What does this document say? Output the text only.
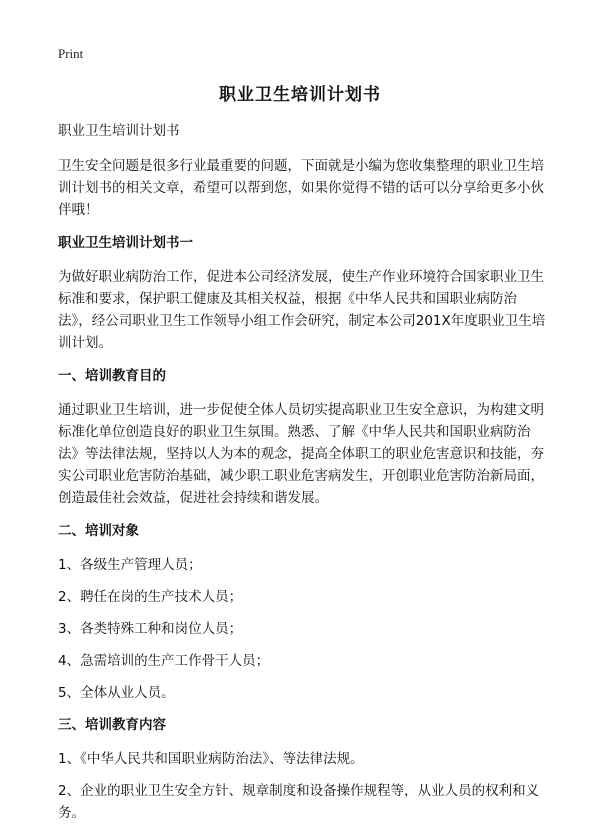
Print
职业卫生培训计划书

职业卫生培训计划书

卫生安全问题是很多行业最重要的问题，下面就是小编为您收集整理的职业卫生培训计划书的相关文章，希望可以帮到您，如果你觉得不错的话可以分享给更多小伙伴哦！

职业卫生培训计划书一

为做好职业病防治工作，促进本公司经济发展，使生产作业环境符合国家职业卫生标准和要求，保护职工健康及其相关权益，根据《中华人民共和国职业病防治法》，经公司职业卫生工作领导小组工作会研究，制定本公司201X年度职业卫生培训计划。

一、培训教育目的

通过职业卫生培训，进一步促使全体人员切实提高职业卫生安全意识，为构建文明标准化单位创造良好的职业卫生氛围。熟悉、了解《中华人民共和国职业病防治法》等法律法规，坚持以人为本的观念，提高全体职工的职业危害意识和技能，夯实公司职业危害防治基础，减少职工职业危害病发生，开创职业危害防治新局面，创造最佳社会效益，促进社会持续和谐发展。

二、培训对象

1、各级生产管理人员；

2、聘任在岗的生产技术人员；

3、各类特殊工种和岗位人员；

4、急需培训的生产工作骨干人员；

5、全体从业人员。

三、培训教育内容

1、《中华人民共和国职业病防治法》、等法律法规。

2、企业的职业卫生安全方针、规章制度和设备操作规程等，从业人员的权利和义务。
